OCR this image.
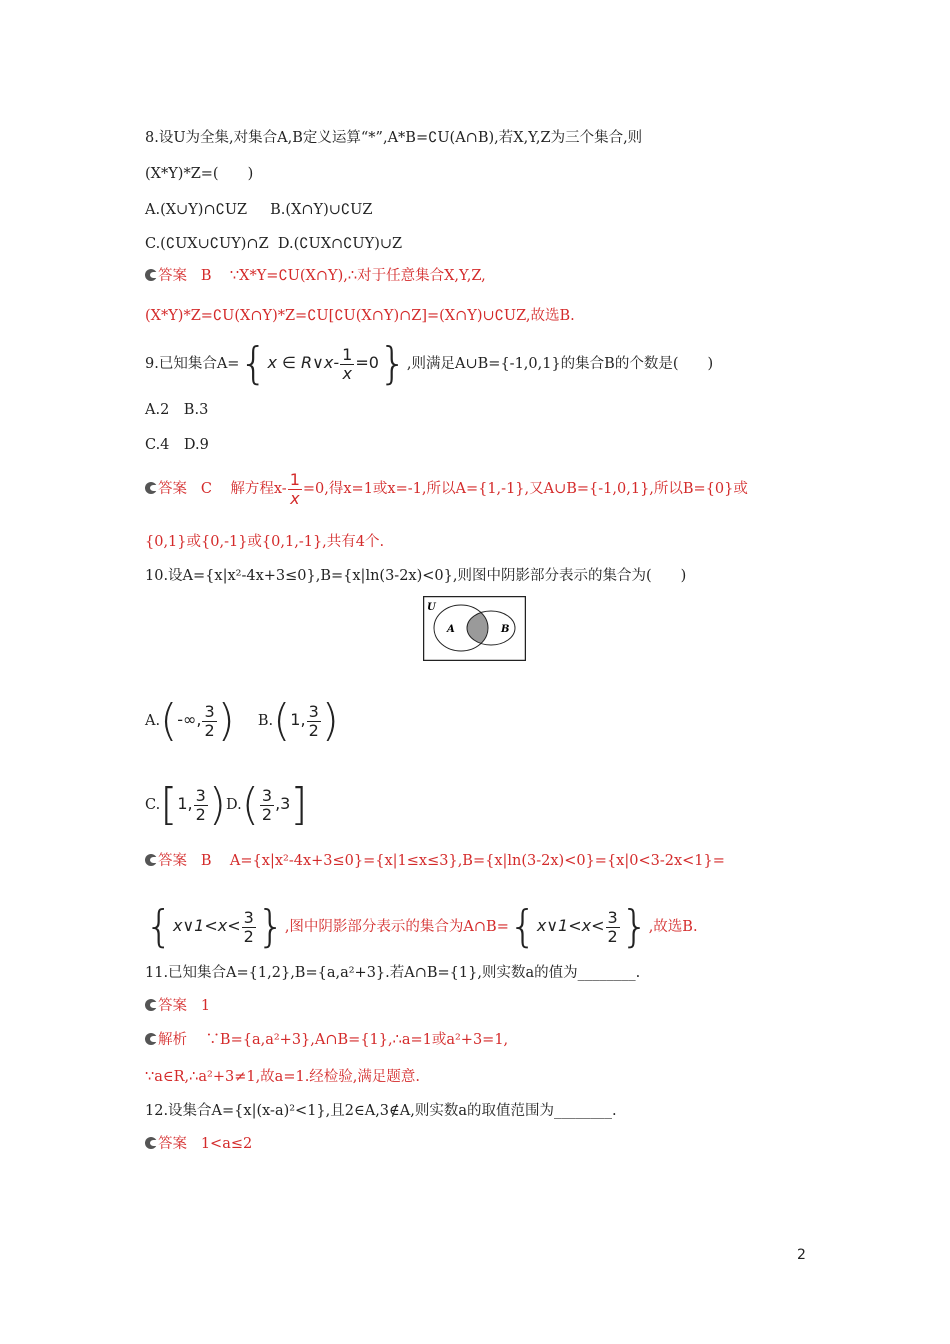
8.设U为全集,对集合A,B定义运算“*”,A*B=∁U(A∩B),若X,Y,Z为三个集合,则
(X*Y)*Z=(　　)
A.(X∪Y)∩∁UZ B.(X∩Y)∪∁UZ
C.(∁UX∪∁UY)∩Z D.(∁UX∩∁UY)∪Z
答案 B ∵X*Y=∁U(X∩Y),∴对于任意集合X,Y,Z,
(X*Y)*Z=∁U(X∩Y)*Z=∁U[∁U(X∩Y)∩Z]=(X∩Y)∪∁UZ,故选B.
9.已知集合A={x ∈ R∨x- $\frac{1}{x} =0$},则满足A∪B={-1,0,1}的集合B的个数是(　　)
A.2　B.3
C.4　D.9
答案 C 解方程$x- \frac{1}{x} =0$,得x=1或x=-1,所以A={1,-1},又A∪B={-1,0,1},所以B={0}或
{0,1}或{0,-1}或{0,1,-1},共有4个.
10.设A={x|x²-4x+3≤0},B={x|ln(3-2x)<0},则图中阴影部分表示的集合为(　　)
U
A	B
A.(-∞, $\frac{3}{2}$ ) B.(1, $\frac{3}{2}$ )
C.[1, $\frac{3}{2} )D.( \frac{3}{2} ,3]$
答案 B A={x|x²-4x+3≤0}={x|1≤x≤3},B={x|ln(3-2x)<0}={x|0<3-2x<1}=
{x∨1<x< $\frac{3}{2}$ },图中阴影部分表示的集合为A∩B={x∨1<x< $\frac{3}{2}$ },故选B.
11.已知集合A={1,2},B={a,a²+3}.若A∩B={1},则实数a的值为________.
答案 1
解析 ∵B={a,a²+3},A∩B={1},∴a=1或a²+3=1,
∵a∈R,∴a²+3≠1,故a=1.经检验,满足题意.
12.设集合A={x|(x-a)²<1},且2∈A,3∉A,则实数a的取值范围为________.
答案 1<a≤2
2
